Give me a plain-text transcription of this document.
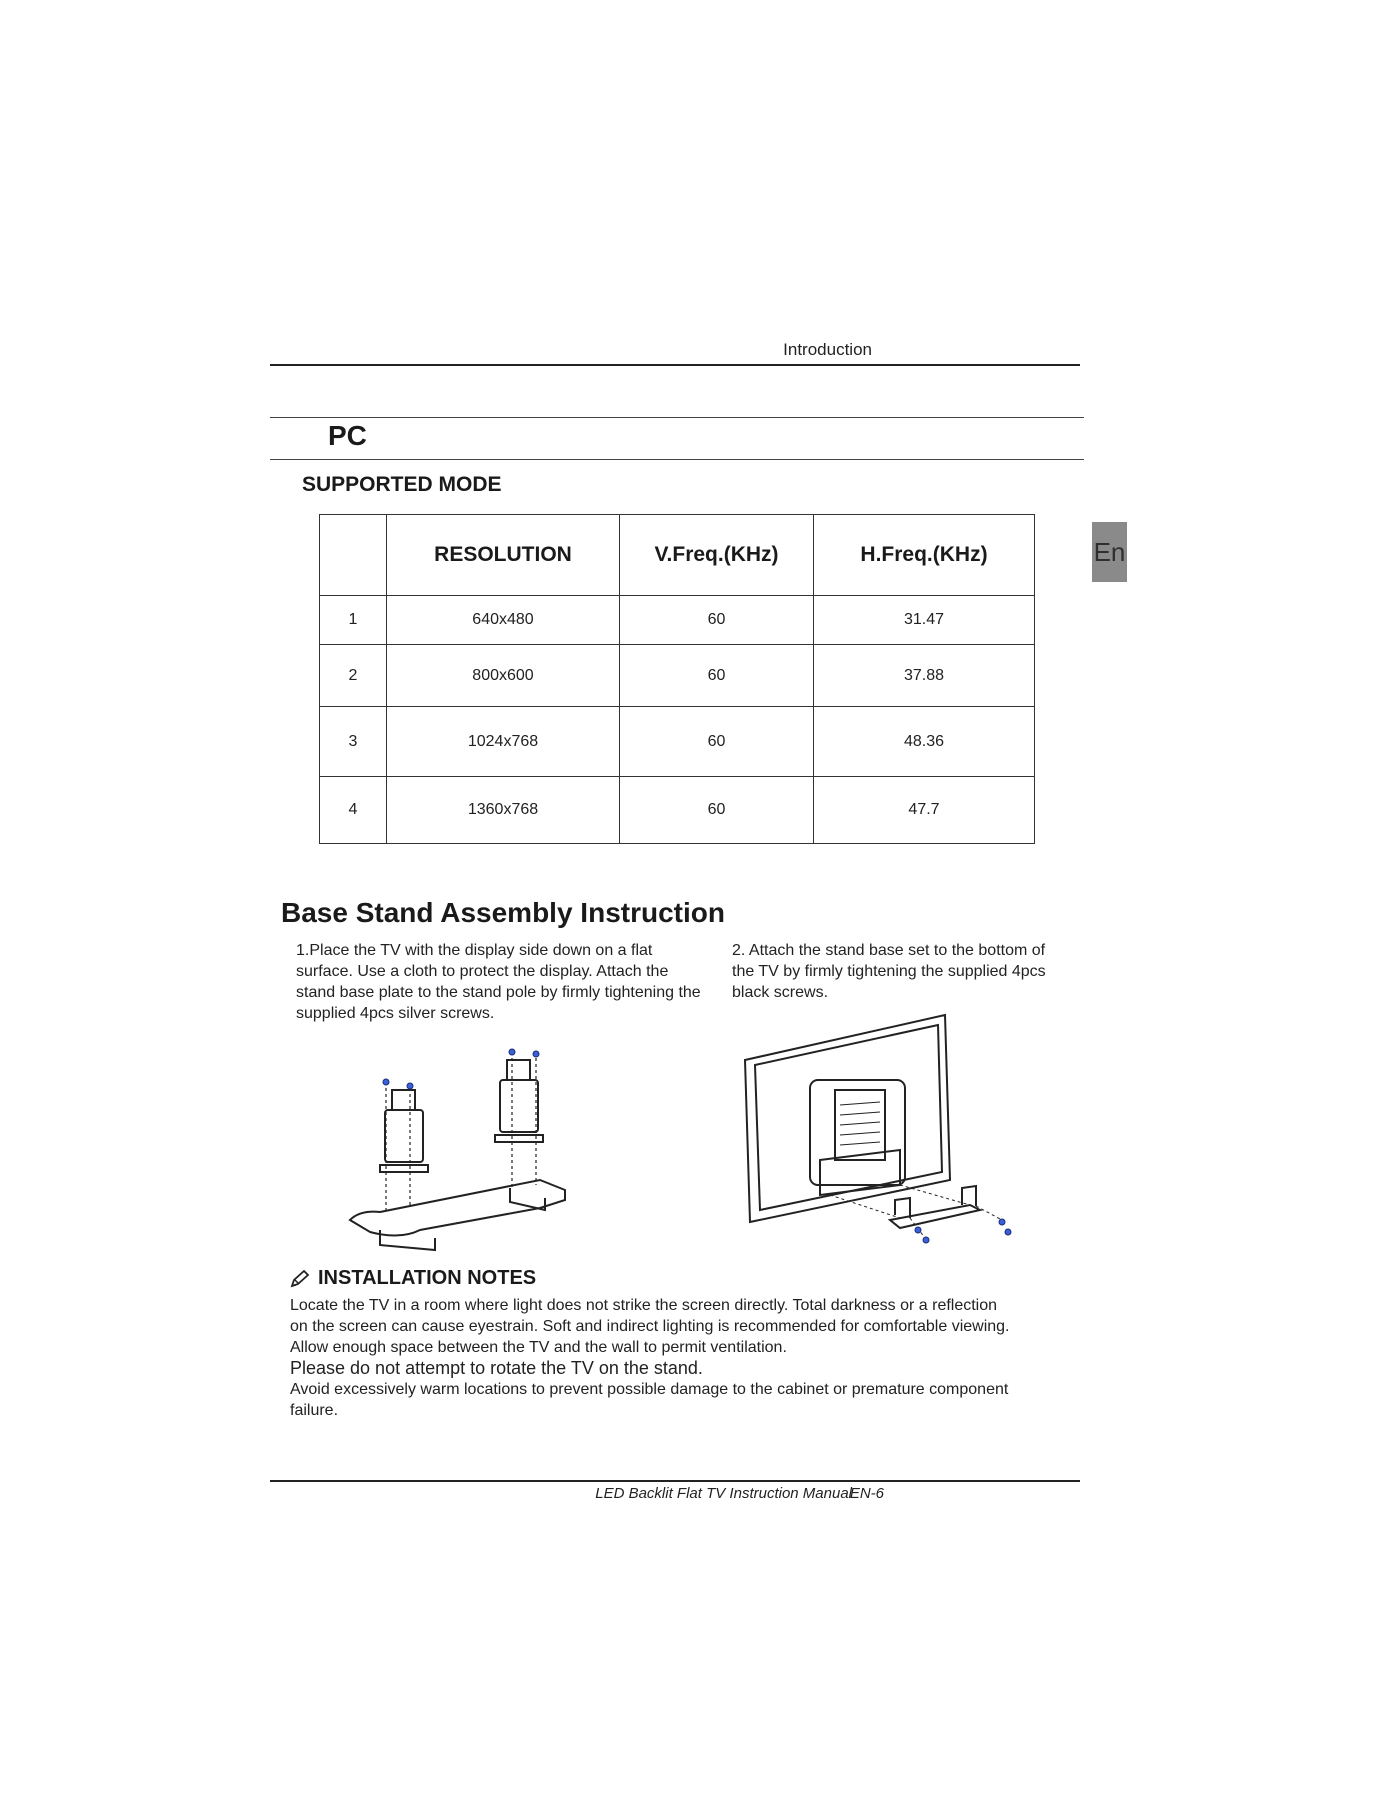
Introduction
PC
SUPPORTED MODE
	RESOLUTION	V.Freq.(KHz)	H.Freq.(KHz)
1	640x480	60	31.47
2	800x600	60	37.88
3	1024x768	60	48.36
4	1360x768	60	47.7
En
Base Stand Assembly Instruction
1.Place the TV with the display side down on a flat surface. Use a cloth to protect the display. Attach the stand base plate to the stand pole by firmly tightening the supplied 4pcs silver screws.
2. Attach the stand base set to the bottom of the TV by firmly tightening the supplied 4pcs black screws.
INSTALLATION NOTES

Locate the TV in a room where light does not strike the screen directly. Total darkness or a reflection on the screen can cause eyestrain. Soft and indirect lighting is recommended for comfortable viewing.

Allow enough space between the TV and the wall to permit ventilation.

Please do not attempt to rotate the TV on the stand.

Avoid excessively warm locations to prevent possible damage to the cabinet or premature component failure.

LED Backlit Flat TV Instruction Manual
EN-6
